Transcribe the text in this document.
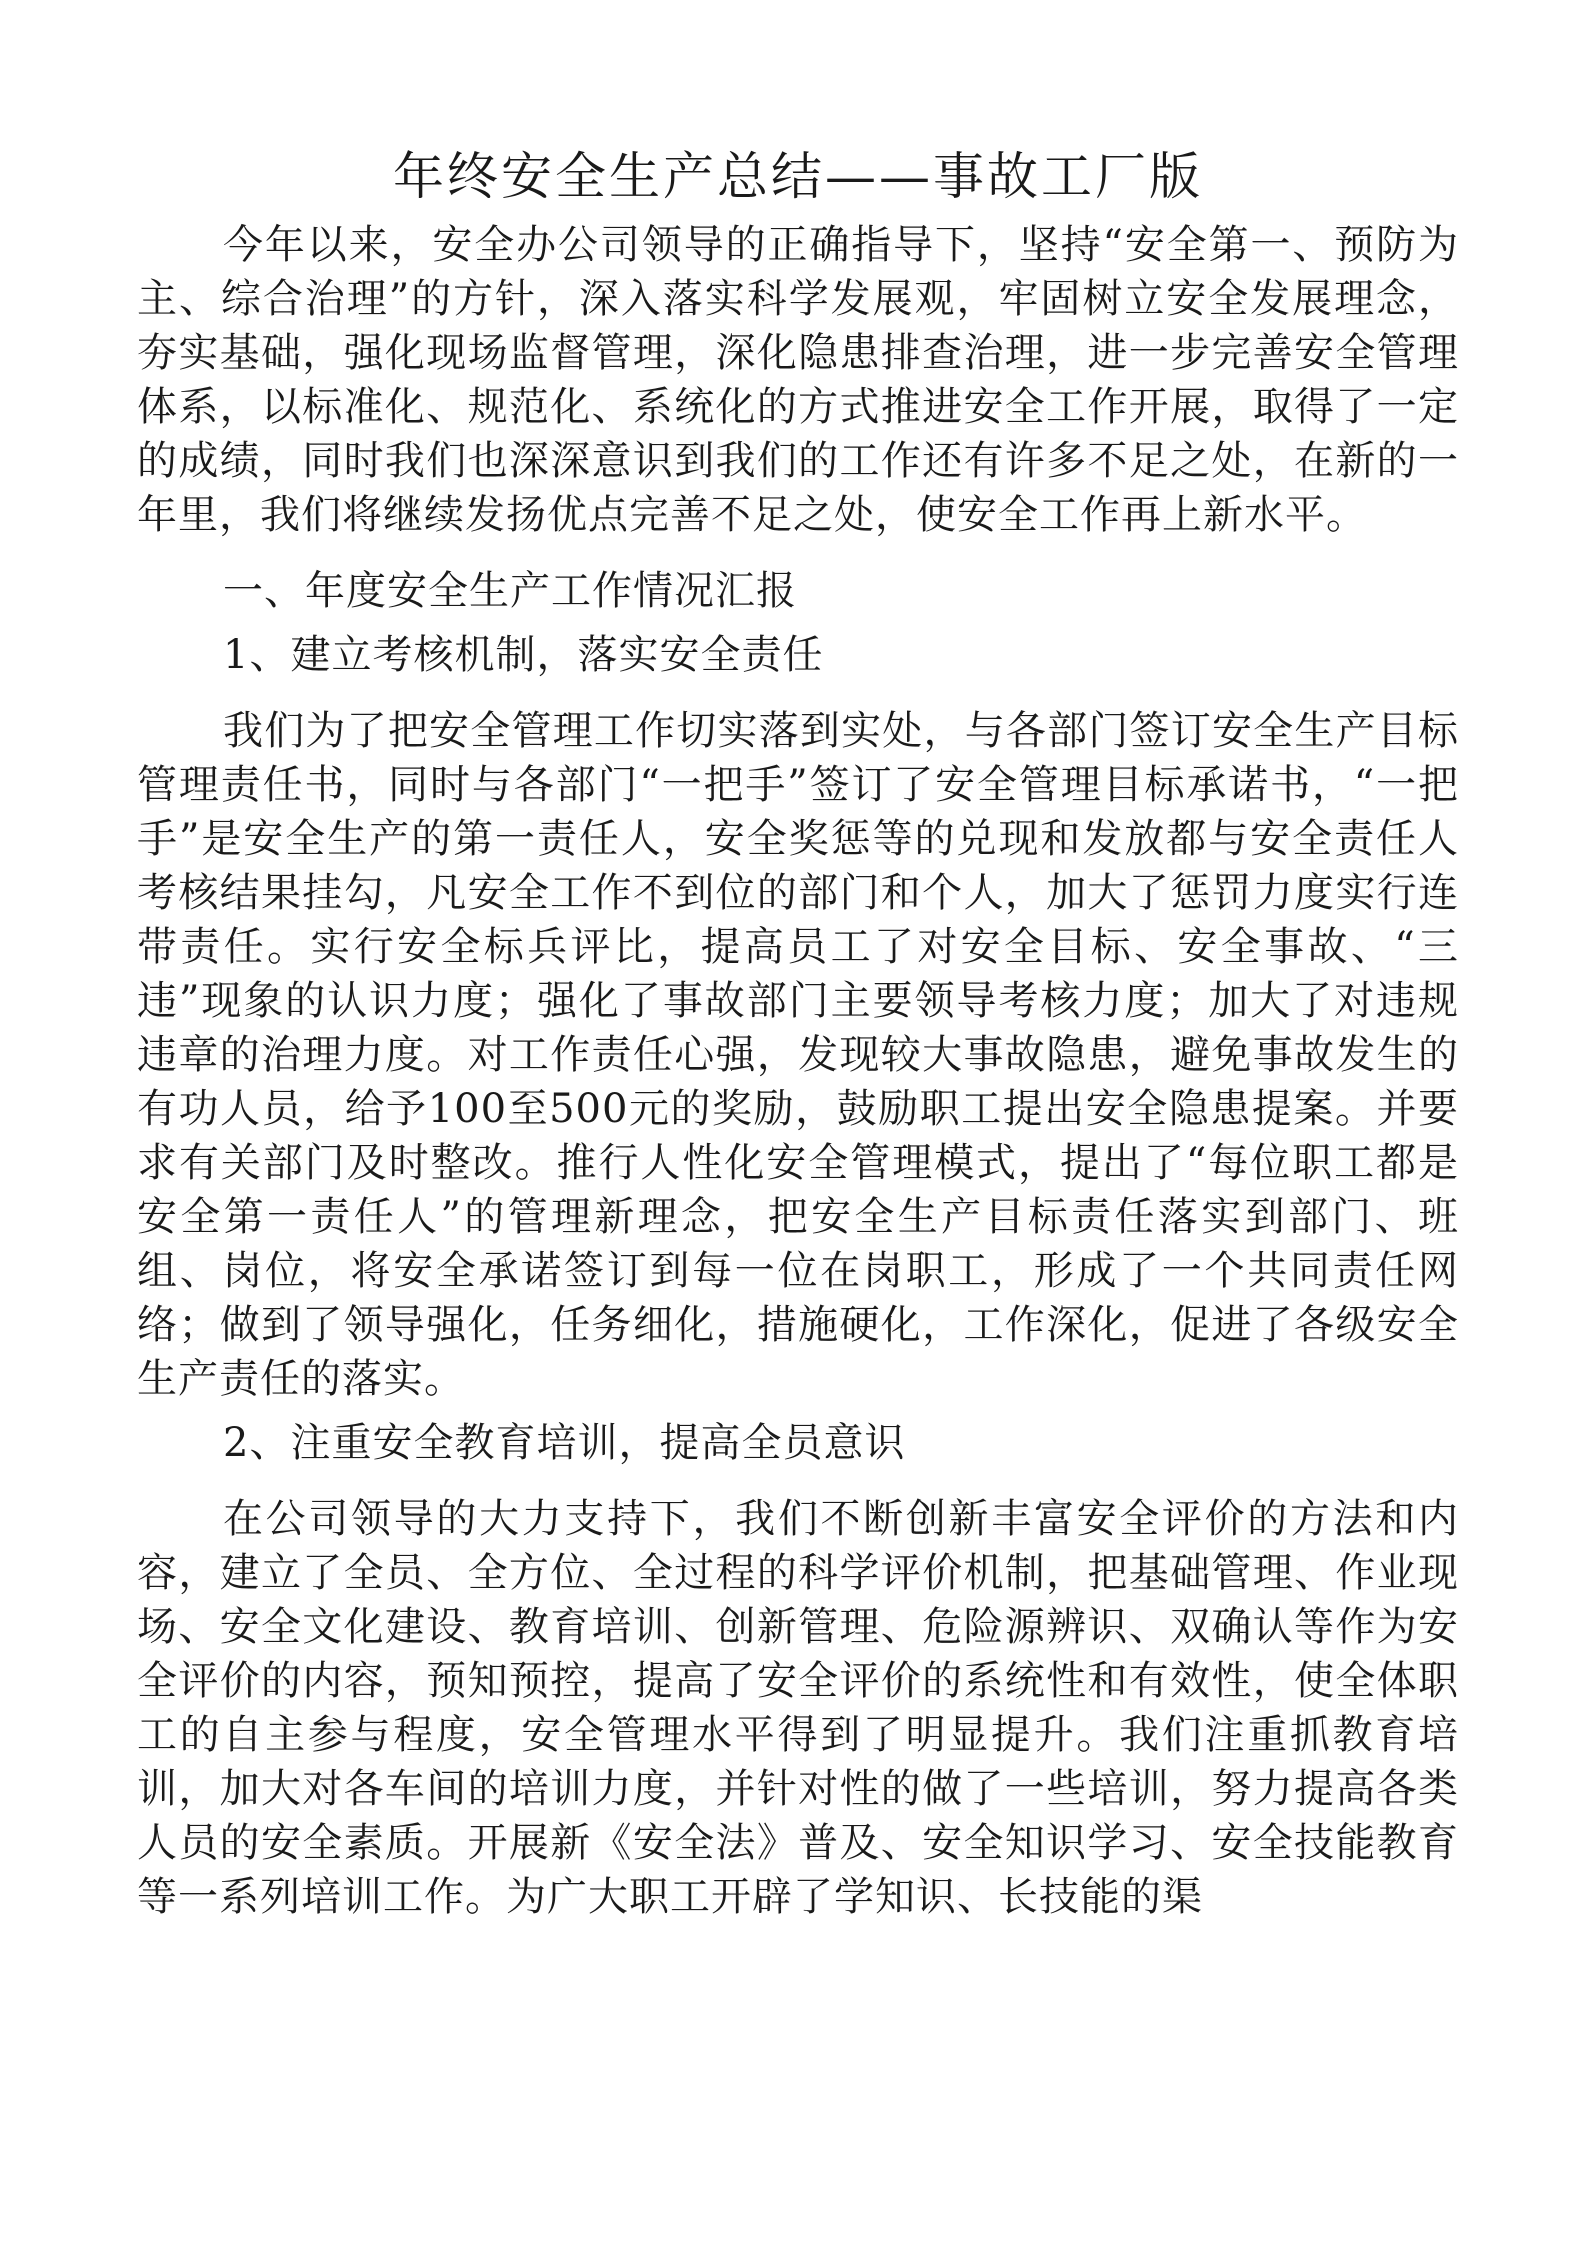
年终安全生产总结——事故工厂版

今年以来，安全办公司领导的正确指导下，坚持“安全第一、预防为主、综合治理”的方针，深入落实科学发展观，牢固树立安全发展理念，夯实基础，强化现场监督管理，深化隐患排查治理，进一步完善安全管理体系，以标准化、规范化、系统化的方式推进安全工作开展，取得了一定的成绩，同时我们也深深意识到我们的工作还有许多不足之处，在新的一年里，我们将继续发扬优点完善不足之处，使安全工作再上新水平。

一、年度安全生产工作情况汇报

1、建立考核机制，落实安全责任

我们为了把安全管理工作切实落到实处，与各部门签订安全生产目标管理责任书，同时与各部门“一把手”签订了安全管理目标承诺书，“一把手”是安全生产的第一责任人，安全奖惩等的兑现和发放都与安全责任人考核结果挂勾，凡安全工作不到位的部门和个人，加大了惩罚力度实行连带责任。实行安全标兵评比，提高员工了对安全目标、安全事故、“三违”现象的认识力度；强化了事故部门主要领导考核力度；加大了对违规违章的治理力度。对工作责任心强，发现较大事故隐患，避免事故发生的有功人员，给予100至500元的奖励，鼓励职工提出安全隐患提案。并要求有关部门及时整改。推行人性化安全管理模式，提出了“每位职工都是安全第一责任人”的管理新理念，把安全生产目标责任落实到部门、班组、岗位，将安全承诺签订到每一位在岗职工，形成了一个共同责任网络；做到了领导强化，任务细化，措施硬化，工作深化，促进了各级安全生产责任的落实。

2、注重安全教育培训，提高全员意识

在公司领导的大力支持下，我们不断创新丰富安全评价的方法和内容，建立了全员、全方位、全过程的科学评价机制，把基础管理、作业现场、安全文化建设、教育培训、创新管理、危险源辨识、双确认等作为安全评价的内容，预知预控，提高了安全评价的系统性和有效性，使全体职工的自主参与程度，安全管理水平得到了明显提升。我们注重抓教育培训，加大对各车间的培训力度，并针对性的做了一些培训，努力提高各类人员的安全素质。开展新《安全法》普及、安全知识学习、安全技能教育等一系列培训工作。为广大职工开辟了学知识、长技能的渠
